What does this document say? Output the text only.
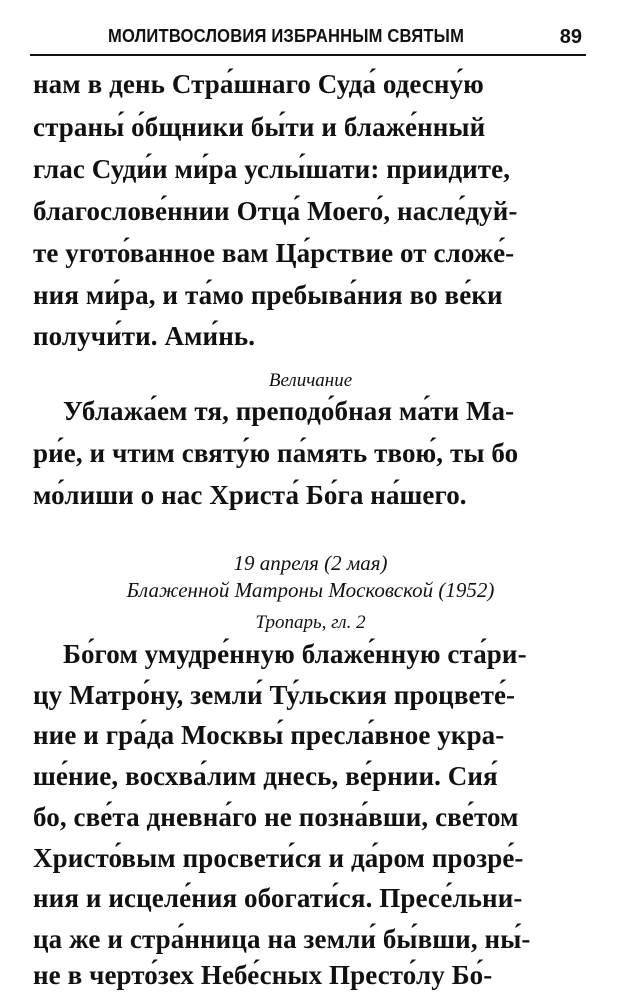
МОЛИТВОСЛОВИЯ ИЗБРАННЫМ СВЯТЫМ	89
нам в день Стра́шнаго Суда́ одесну́ю
страны́ о́бщники бы́ти и блаже́нный
глас Суди́и ми́ра услы́шати: приидите,
благослове́ннии Отца́ Моего́, насле́дуй-
те угото́ванное вам Ца́рствие от сложе́-
ния ми́ра, и та́мо пребыва́ния во ве́ки
получи́ти. Ами́нь.
Величание
Ублажа́ем тя, преподо́бная ма́ти Ма-
ри́е, и чтим святу́ю па́мять твою́, ты бо
мо́лиши о нас Христа́ Бо́га на́шего.
19 апреля (2 мая)
Блаженной Матроны Московской (1952)
Тропарь, гл. 2
Бо́гом умудре́нную блаже́нную ста́ри-
цу Матро́ну, земли́ Ту́льския процвете́-
ние и гра́да Москвы́ пресла́вное укра-
ше́ние, восхва́лим днесь, ве́рнии. Сия́
бо, све́та дневна́го не позна́вши, све́том
Христо́вым просвети́ся и да́ром прозре́-
ния и исцеле́ния обогати́ся. Пресе́льни-
ца же и стра́нница на земли́ бы́вши, ны́-
не в черто́зех Небе́сных Престо́лу Бо́-
